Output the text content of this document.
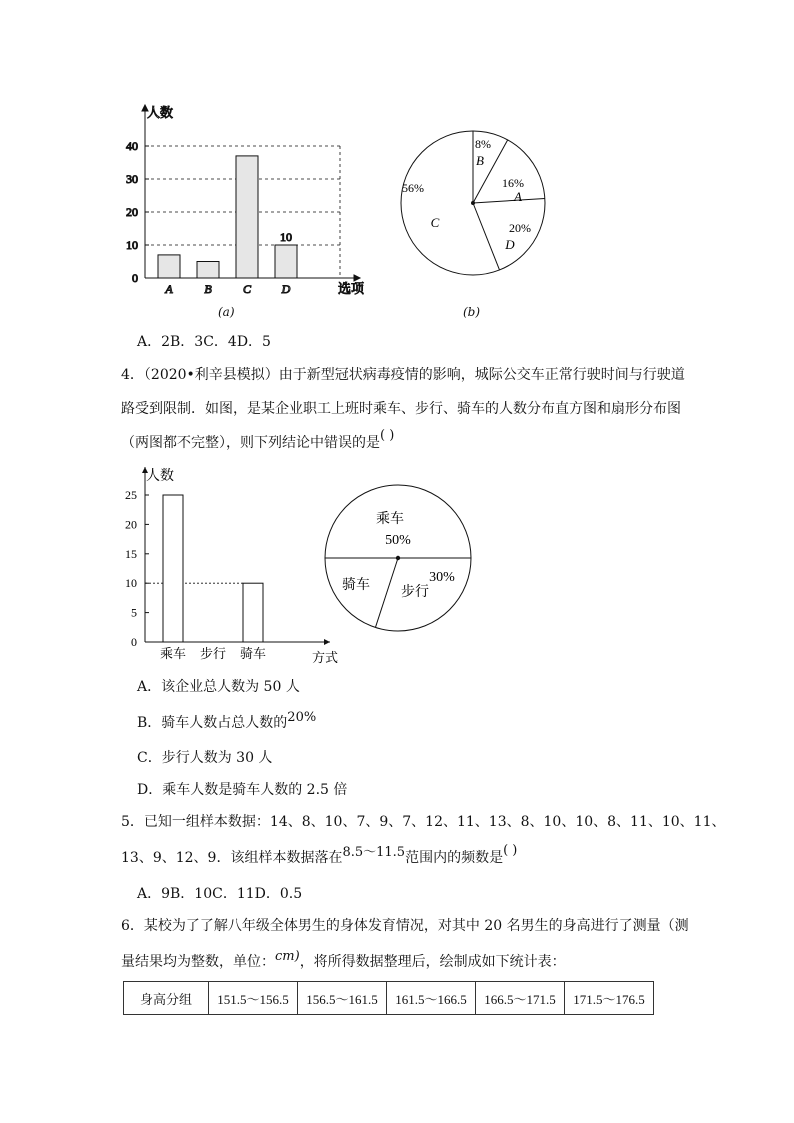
人数
选项
0
10
20
30
40
A	B	C	D
10
(a)
8%
B
16%
A
20%
D
56%
C
(b)
A．2B．3C．4D．5
4．（2020•利辛县模拟）由于新型冠状病毒疫情的影响，城际公交车正常行驶时间与行驶道
路受到限制．如图，是某企业职工上班时乘车、步行、骑车的人数分布直方图和扇形分布图
（两图都不完整），则下列结论中错误的是( )
人数
方式
0
5
10
15
20
25
乘车 步行 骑车
乘车
50%
步行
30%
骑车
A．该企业总人数为 50 人
B．骑车人数占总人数的20%
C．步行人数为 30 人
D．乘车人数是骑车人数的 2.5 倍
5．已知一组样本数据：14、8、10、7、9、7、12、11、13、8、10、10、8、11、10、11、
13、9、12、9．该组样本数据落在8.5～11.5范围内的频数是( )
A．9B．10C．11D．0.5
6．某校为了了解八年级全体男生的身体发育情况，对其中 20 名男生的身高进行了测量（测
量结果均为整数，单位：cm)，将所得数据整理后，绘制成如下统计表：
身高分组	151.5～156.5	156.5～161.5	161.5～166.5	166.5～171.5	171.5～176.5
